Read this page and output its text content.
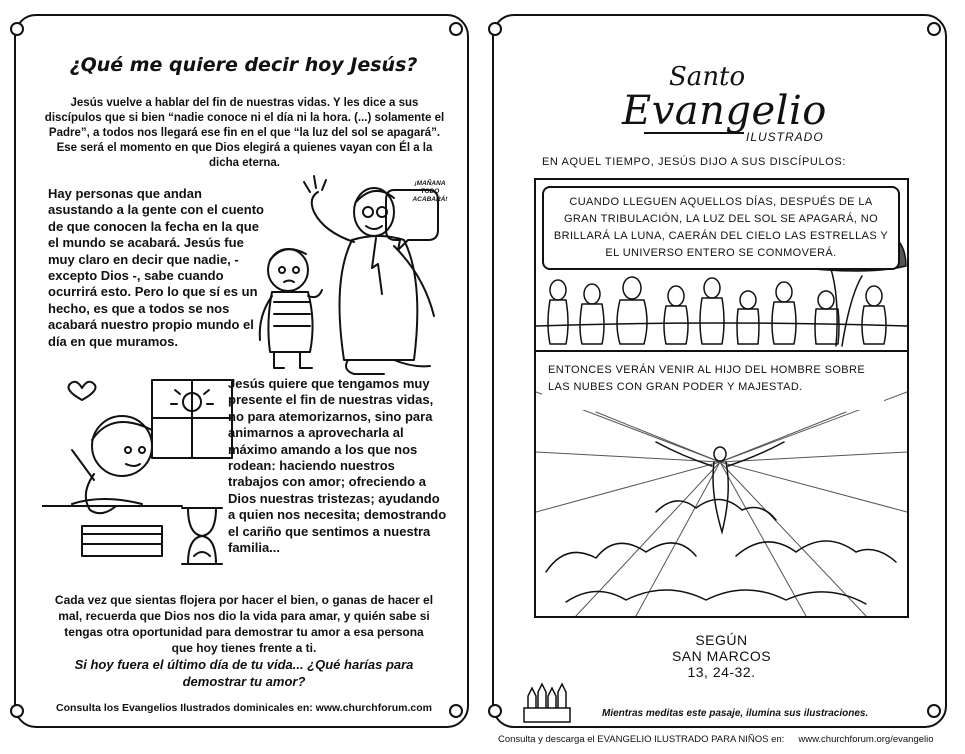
¿Qué me quiere decir hoy Jesús?
Jesús vuelve a hablar del fin de nuestras vidas. Y les dice a sus discípulos que si bien “nadie conoce ni el día ni la hora. (...) solamente el Padre”, a todos nos llegará ese fin en el que “la luz del sol se apagará”. Ese será el momento en que Dios elegirá a quienes vayan con Él a la dicha eterna.
¡MAÑANA TODO ACABARÁ!
Hay personas que andan asustando a la gente con el cuento de que conocen la fecha en la que el mundo se acabará. Jesús fue muy claro en decir que nadie, - excepto Dios -, sabe cuando ocurrirá esto. Pero lo que sí es un hecho, es que a todos se nos acabará nuestro propio mundo el día en que muramos.
Jesús quiere que tengamos muy presente el fin de nuestras vidas, no para atemorizarnos, sino para animarnos a aprovecharla al máximo amando a los que nos rodean: haciendo nuestros trabajos con amor; ofreciendo a Dios nuestras tristezas; ayudando a quien nos necesita; demostrando el cariño que sentimos a nuestra familia...
Cada vez que sientas flojera por hacer el bien, o ganas de hacer el mal, recuerda que Dios nos dio la vida para amar, y quién sabe si tengas otra oportunidad para demostrar tu amor a esa persona que hoy tienes frente a ti.
Si hoy fuera el último día de tu vida... ¿Qué harías para demostrar tu amor?
Consulta los Evangelios Ilustrados dominicales en: www.churchforum.com
Santo
Evangelio
ILUSTRADO
EN AQUEL TIEMPO, JESÚS DIJO A SUS DISCÍPULOS:
CUANDO LLEGUEN AQUELLOS DÍAS, DESPUÉS DE LA GRAN TRIBULACIÓN, LA LUZ DEL SOL SE APAGARÁ, NO BRILLARÁ LA LUNA, CAERÁN DEL CIELO LAS ESTRELLAS Y EL UNIVERSO ENTERO SE CONMOVERÁ.
ENTONCES VERÁN VENIR AL HIJO DEL HOMBRE SOBRE LAS NUBES CON GRAN PODER Y MAJESTAD.
SEGÚN
SAN MARCOS
13, 24-32.
Mientras meditas este pasaje, ilumina sus ilustraciones.
Consulta y descarga el EVANGELIO ILUSTRADO PARA NIÑOS en: www.churchforum.org/evangelio
